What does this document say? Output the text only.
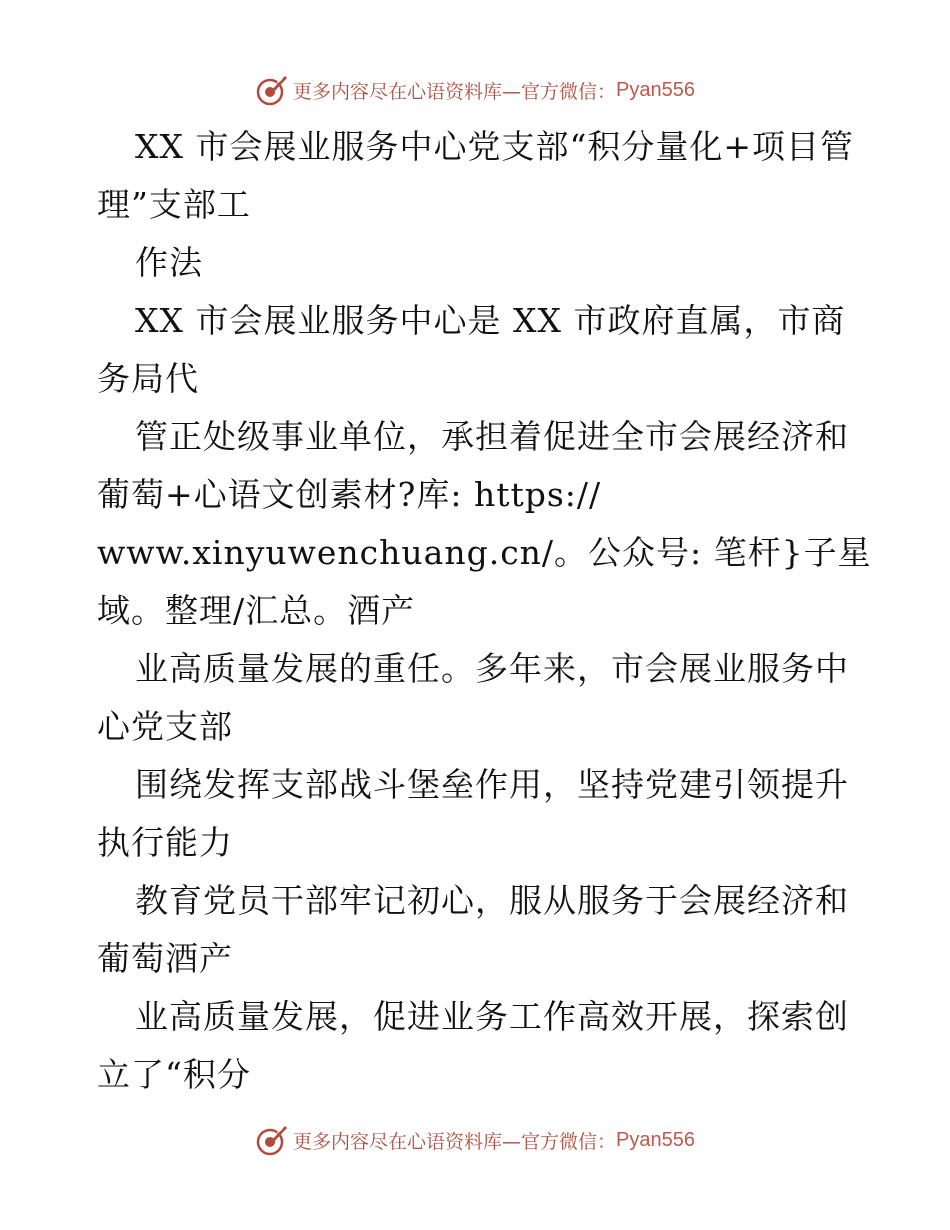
更多内容尽在心语资料库—官方微信： Pyan556
XX 市会展业服务中心党支部“积分量化+项目管
理”支部工
作法
XX 市会展业服务中心是 XX 市政府直属，市商
务局代
管正处级事业单位，承担着促进全市会展经济和
葡萄+心语文创素材?库: https://
www.xinyuwenchuang.cn/。公众号: 笔杆}子星
域。整理/汇总。酒产
业高质量发展的重任。多年来，市会展业服务中
心党支部
围绕发挥支部战斗堡垒作用，坚持党建引领提升
执行能力
教育党员干部牢记初心，服从服务于会展经济和
葡萄酒产
业高质量发展，促进业务工作高效开展，探索创
立了“积分
更多内容尽在心语资料库—官方微信： Pyan556
